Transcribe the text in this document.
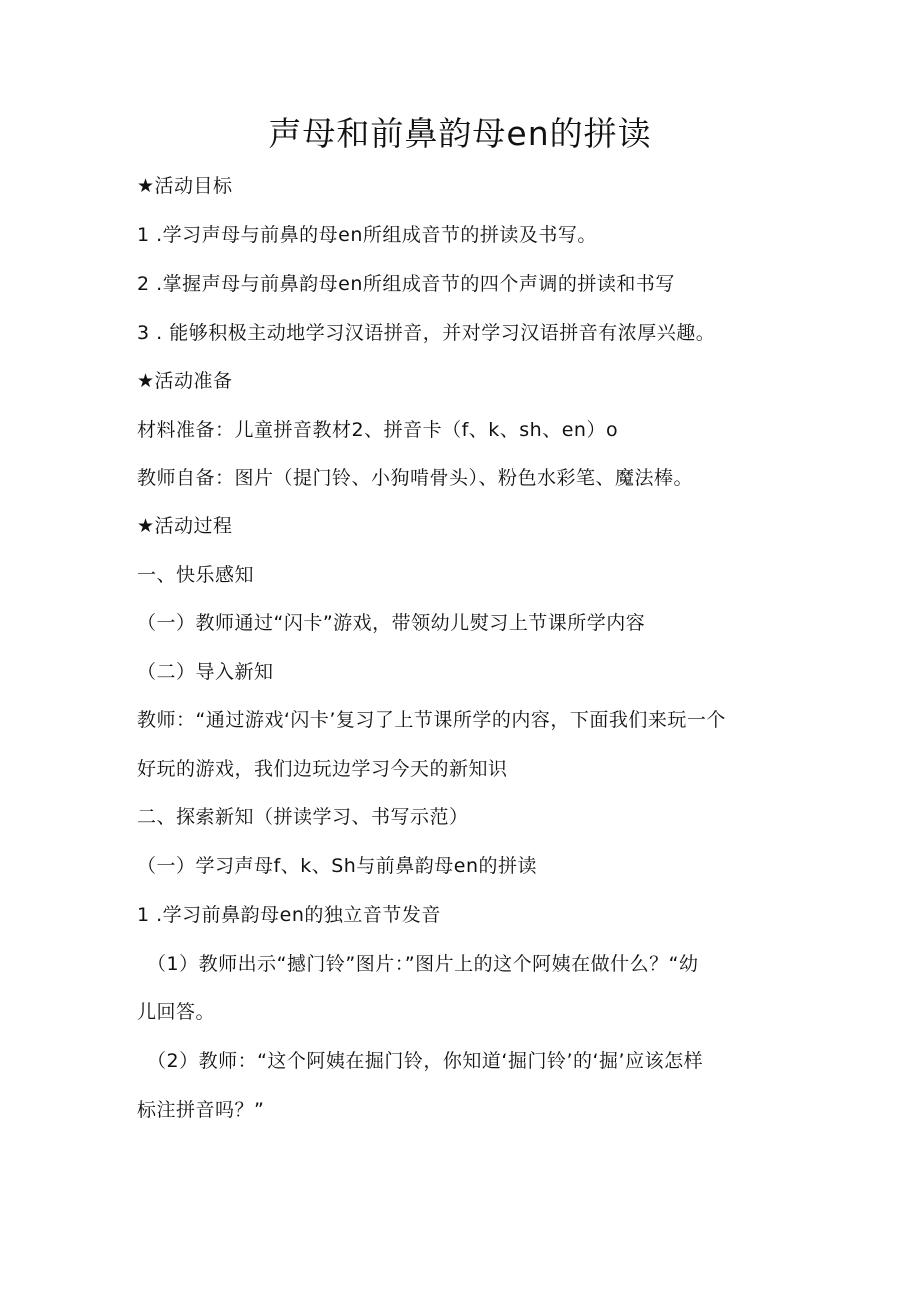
声母和前鼻韵母en的拼读
★活动目标
1 .学习声母与前鼻的母en所组成音节的拼读及书写。
2 .掌握声母与前鼻韵母en所组成音节的四个声调的拼读和书写
3 . 能够积极主动地学习汉语拼音，并对学习汉语拼音有浓厚兴趣。
★活动准备
材料准备：儿童拼音教材2、拼音卡（f、k、sh、en）o
教师自备：图片（提门铃、小狗啃骨头）、粉色水彩笔、魔法棒。
★活动过程
一、快乐感知
（一）教师通过“闪卡”游戏，带领幼儿熨习上节课所学内容
（二）导入新知
教师：“通过游戏‘闪卡’复习了上节课所学的内容，下面我们来玩一个
好玩的游戏，我们边玩边学习今天的新知识
二、探索新知（拼读学习、书写示范）
（一）学习声母f、k、Sh与前鼻韵母en的拼读
1 .学习前鼻韵母en的独立音节发音
（1）教师出示“撼门铃”图片：”图片上的这个阿姨在做什么？“幼
儿回答。
（2）教师：“这个阿姨在掘门铃，你知道‘掘门铃’的‘掘’应该怎样
标注拼音吗？”
